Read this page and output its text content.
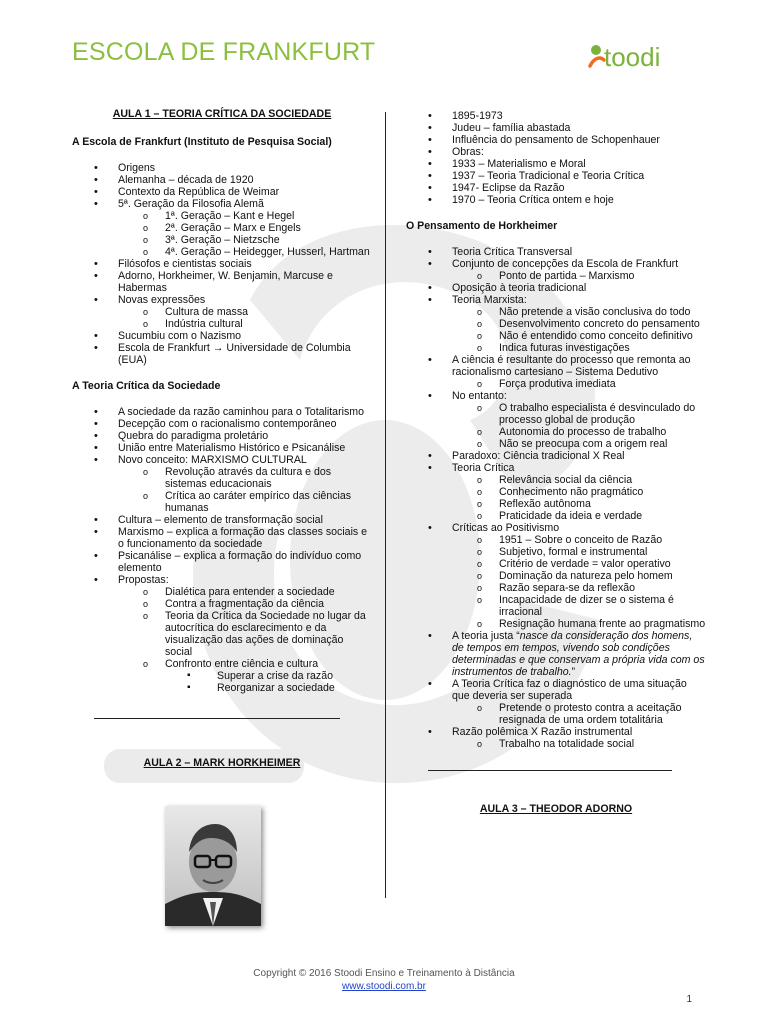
ESCOLA DE FRANKFURT	toodi
AULA 1 – TEORIA CRÍTICA DA SOCIEDADE
A Escola de Frankfurt (Instituto de Pesquisa Social)
• Origens
• Alemanha – década de 1920
• Contexto da República de Weimar
• 5ª. Geração da Filosofia Alemã
o 1ª. Geração – Kant e Hegel
o 2ª. Geração – Marx e Engels
o 3ª. Geração – Nietzsche
o 4ª. Geração – Heidegger, Husserl, Hartman
• Filósofos e cientistas sociais
• Adorno, Horkheimer, W. Benjamin, Marcuse e Habermas
• Novas expressões
o Cultura de massa
o Indústria cultural
• Sucumbiu com o Nazismo
• Escola de Frankfurt → Universidade de Columbia (EUA)
A Teoria Crítica da Sociedade
• A sociedade da razão caminhou para o Totalitarismo
• Decepção com o racionalismo contemporâneo
• Quebra do paradigma proletário
• União entre Materialismo Histórico e Psicanálise
• Novo conceito: MARXISMO CULTURAL
o Revolução através da cultura e dos sistemas educacionais
o Crítica ao caráter empírico das ciências humanas
• Cultura – elemento de transformação social
• Marxismo – explica a formação das classes sociais e o funcionamento da sociedade
• Psicanálise – explica a formação do indivíduo como elemento
• Propostas:
o Dialética para entender a sociedade
o Contra a fragmentação da ciência
o Teoria da Crítica da Sociedade no lugar da autocrítica do esclarecimento e da visualização das ações de dominação social
o Confronto entre ciência e cultura
▪ Superar a crise da razão
▪ Reorganizar a sociedade
AULA 2 – MARK HORKHEIMER
• 1895-1973
• Judeu – família abastada
• Influência do pensamento de Schopenhauer
• Obras:
• 1933 – Materialismo e Moral
• 1937 – Teoria Tradicional e Teoria Crítica
• 1947- Eclipse da Razão
• 1970 – Teoria Crítica ontem e hoje
O Pensamento de Horkheimer
• Teoria Crítica Transversal
• Conjunto de concepções da Escola de Frankfurt
o Ponto de partida – Marxismo
• Oposição à teoria tradicional
• Teoria Marxista:
o Não pretende a visão conclusiva do todo
o Desenvolvimento concreto do pensamento
o Não é entendido como conceito definitivo
o Indica futuras investigações
• A ciência é resultante do processo que remonta ao racionalismo cartesiano – Sistema Dedutivo
o Força produtiva imediata
• No entanto:
o O trabalho especialista é desvinculado do processo global de produção
o Autonomia do processo de trabalho
o Não se preocupa com a origem real
• Paradoxo: Ciência tradicional X Real
• Teoria Crítica
o Relevância social da ciência
o Conhecimento não pragmático
o Reflexão autônoma
o Praticidade da ideia e verdade
• Críticas ao Positivismo
o 1951 – Sobre o conceito de Razão
o Subjetivo, formal e instrumental
o Critério de verdade = valor operativo
o Dominação da natureza pelo homem
o Razão separa-se da reflexão
o Incapacidade de dizer se o sistema é irracional
o Resignação humana frente ao pragmatismo
• A teoria justa “nasce da consideração dos homens, de tempos em tempos, vivendo sob condições determinadas e que conservam a própria vida com os instrumentos de trabalho.”
• A Teoria Crítica faz o diagnóstico de uma situação que deveria ser superada
o Pretende o protesto contra a aceitação resignada de uma ordem totalitária
• Razão polêmica X Razão instrumental
o Trabalho na totalidade social
AULA 3 – THEODOR ADORNO
Copyright © 2016 Stoodi Ensino e Treinamento à Distância
www.stoodi.com.br
1
